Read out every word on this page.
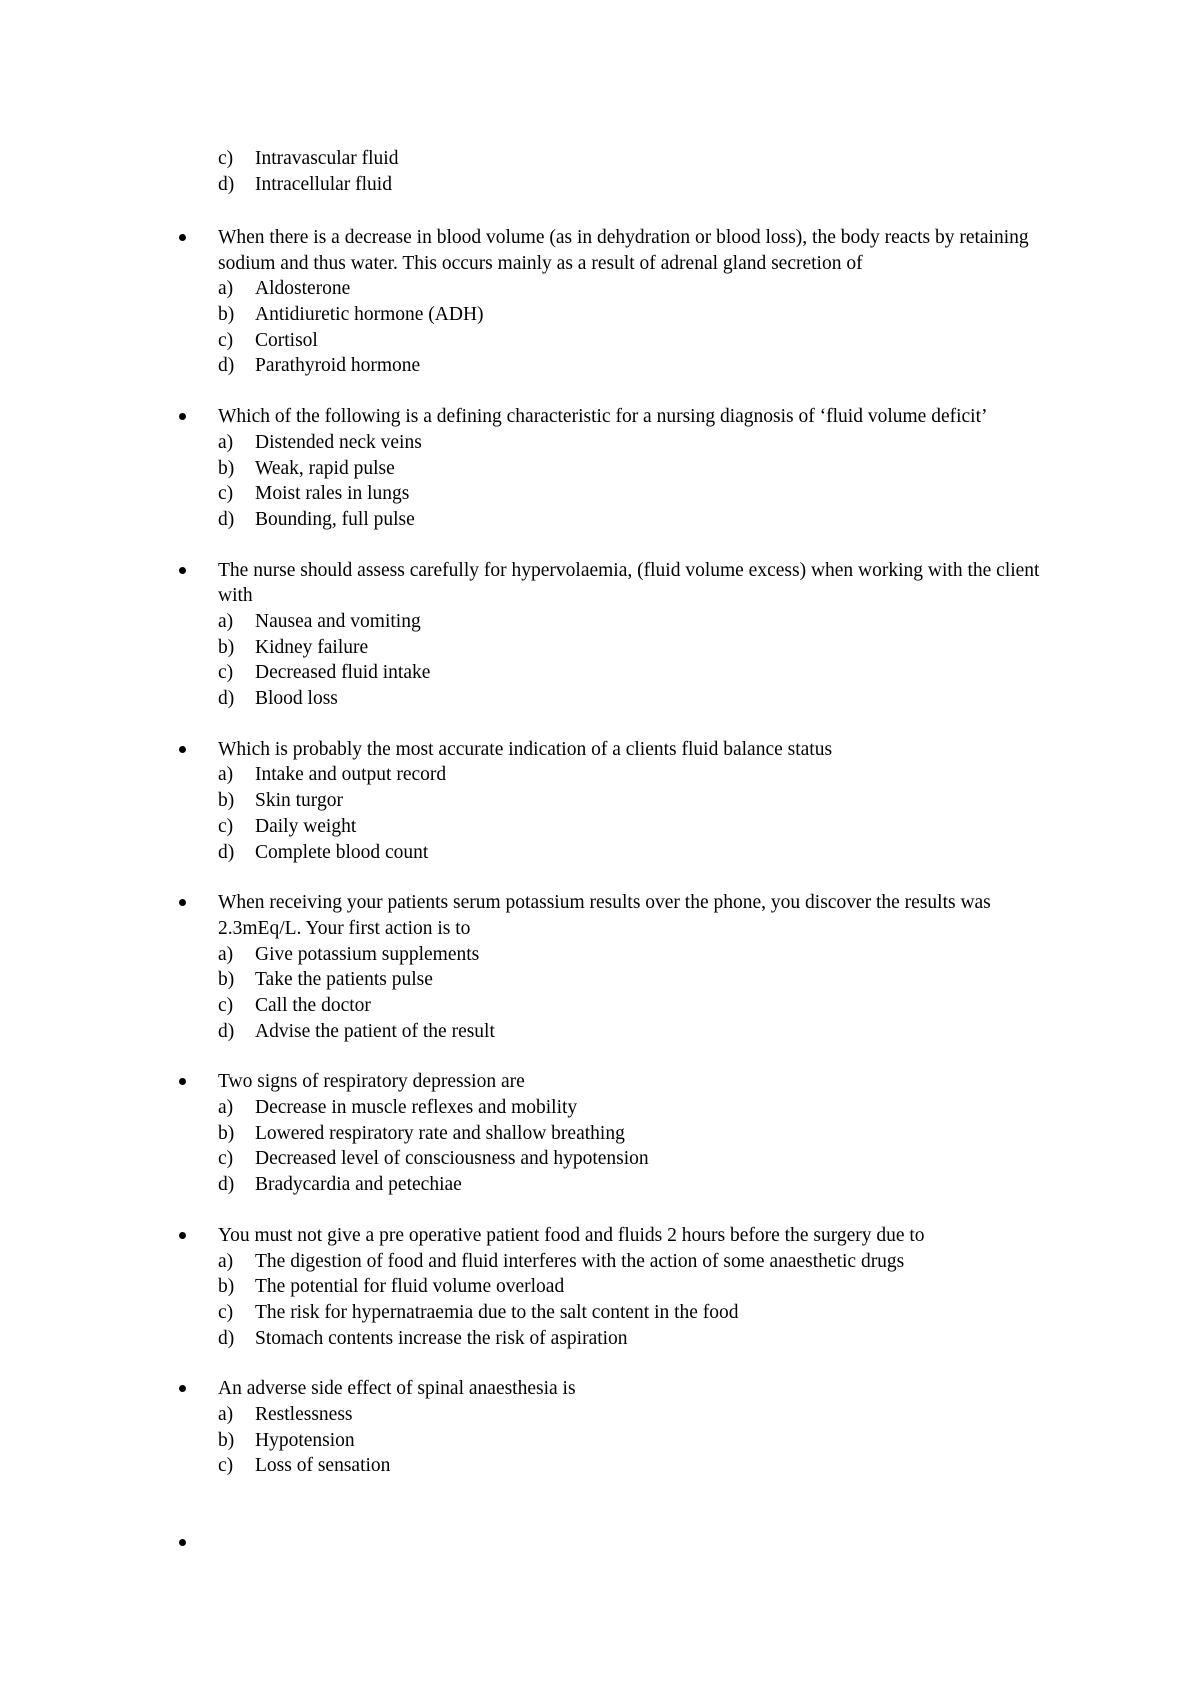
c)	Intravascular fluid
d)	Intracellular fluid
When there is a decrease in blood volume (as in dehydration or blood loss), the body reacts by retaining sodium and thus water. This occurs mainly as a result of adrenal gland secretion of
a)	Aldosterone
b)	Antidiuretic hormone (ADH)
c)	Cortisol
d)	Parathyroid hormone
Which of the following is a defining characteristic for a nursing diagnosis of ‘fluid volume deficit’
a)	Distended neck veins
b)	Weak, rapid pulse
c)	Moist rales in lungs
d)	Bounding, full pulse
The nurse should assess carefully for hypervolaemia, (fluid volume excess) when working with the client with
a)	Nausea and vomiting
b)	Kidney failure
c)	Decreased fluid intake
d)	Blood loss
Which is probably the most accurate indication of a clients fluid balance status
a)	Intake and output record
b)	Skin turgor
c)	Daily weight
d)	Complete blood count
When receiving your patients serum potassium results over the phone, you discover the results was 2.3mEq/L. Your first action is to
a)	Give potassium supplements
b)	Take the patients pulse
c)	Call the doctor
d)	Advise the patient of the result
Two signs of respiratory depression are
a)	Decrease in muscle reflexes and mobility
b)	Lowered respiratory rate and shallow breathing
c)	Decreased level of consciousness and hypotension
d)	Bradycardia and petechiae
You must not give a pre operative patient food and fluids 2 hours before the surgery due to
a)	The digestion of food and fluid interferes with the action of some anaesthetic drugs
b)	The potential for fluid volume overload
c)	The risk for hypernatraemia due to the salt content in the food
d)	Stomach contents increase the risk of aspiration
An adverse side effect of spinal anaesthesia is
a)	Restlessness
b)	Hypotension
c)	Loss of sensation
